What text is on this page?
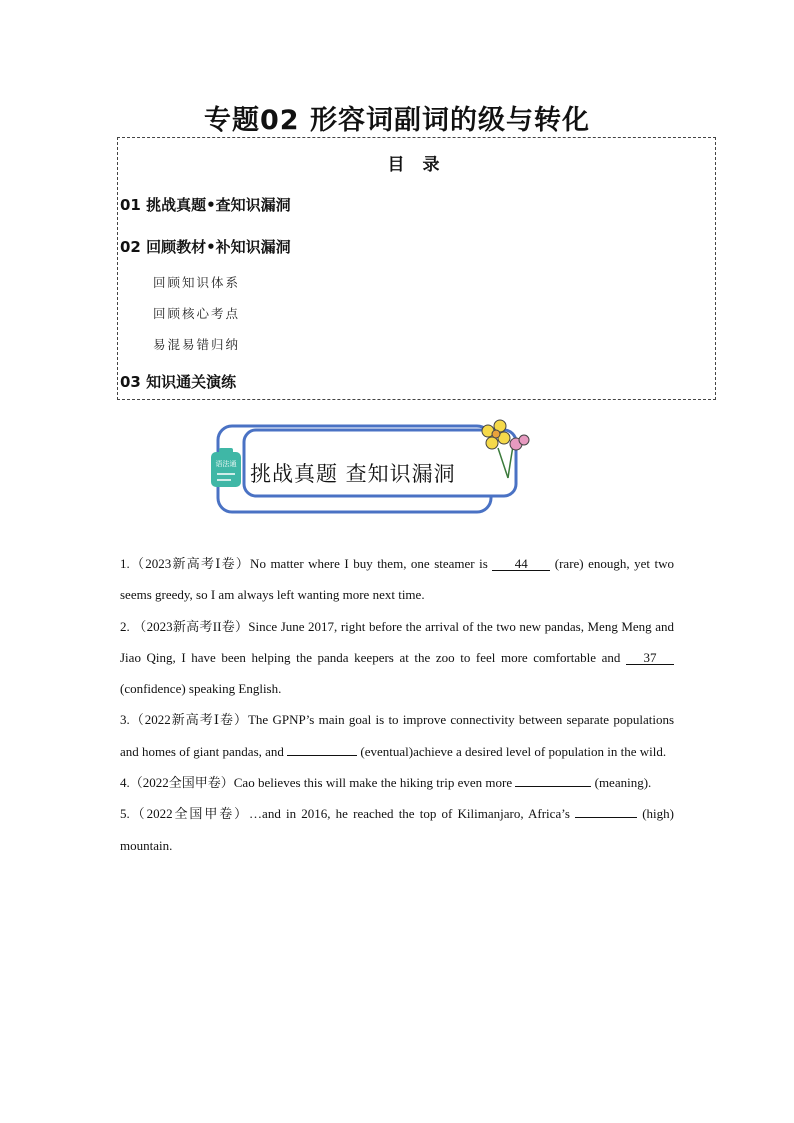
专题02 形容词副词的级与转化
目 录
01 挑战真题•查知识漏洞
02 回顾教材•补知识漏洞
回顾知识体系
回顾核心考点
易混易错归纳
03 知识通关演练
语法通 挑战真题 查知识漏洞

1.（2023新高考Ⅰ卷）No matter where I buy them, one steamer is 44 (rare) enough, yet two seems greedy, so I am always left wanting more next time.

2. （2023新高考II卷）Since June 2017, right before the arrival of the two new pandas, Meng Meng and Jiao Qing, I have been helping the panda keepers at the zoo to feel more comfortable and 37(confidence) speaking English.

3.（2022新高考Ⅰ卷）The GPNP’s main goal is to improve connectivity between separate populations and homes of giant pandas, and	(eventual)achieve a desired level of population in the wild.

4.（2022全国甲卷）Cao believes this will make the hiking trip even more	(meaning).

5.（2022全国甲卷）…and in 2016, he reached the top of Kilimanjaro, Africa’s	(high) mountain.
